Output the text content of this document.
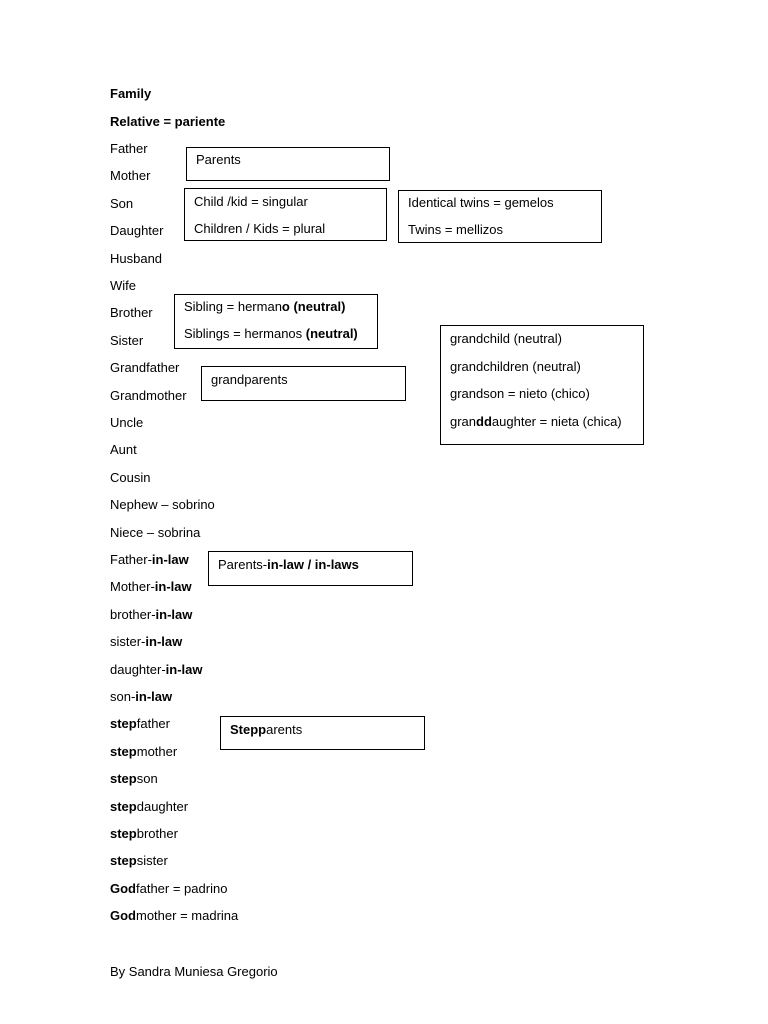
Family
Relative = pariente
Father
Mother
Son
Daughter
Husband
Wife
Brother
Sister
Grandfather
Grandmother
Uncle
Aunt
Cousin
Nephew – sobrino
Niece – sobrina
Father-in-law
Mother-in-law
brother-in-law
sister-in-law
daughter-in-law
son-in-law
stepfather
stepmother
stepson
stepdaughter
stepbrother
stepsister
Godfather = padrino
Godmother = madrina
Parents
Child /kid = singular
Children / Kids = plural
Identical twins = gemelos
Twins = mellizos
Sibling = hermano (neutral)
Siblings = hermanos (neutral)	grandchild (neutral)
grandchildren (neutral)
grandson = nieto (chico)
granddaughter = nieta (chica)
grandparents
Parents-in-law / in-laws
Stepparents
By Sandra Muniesa Gregorio
